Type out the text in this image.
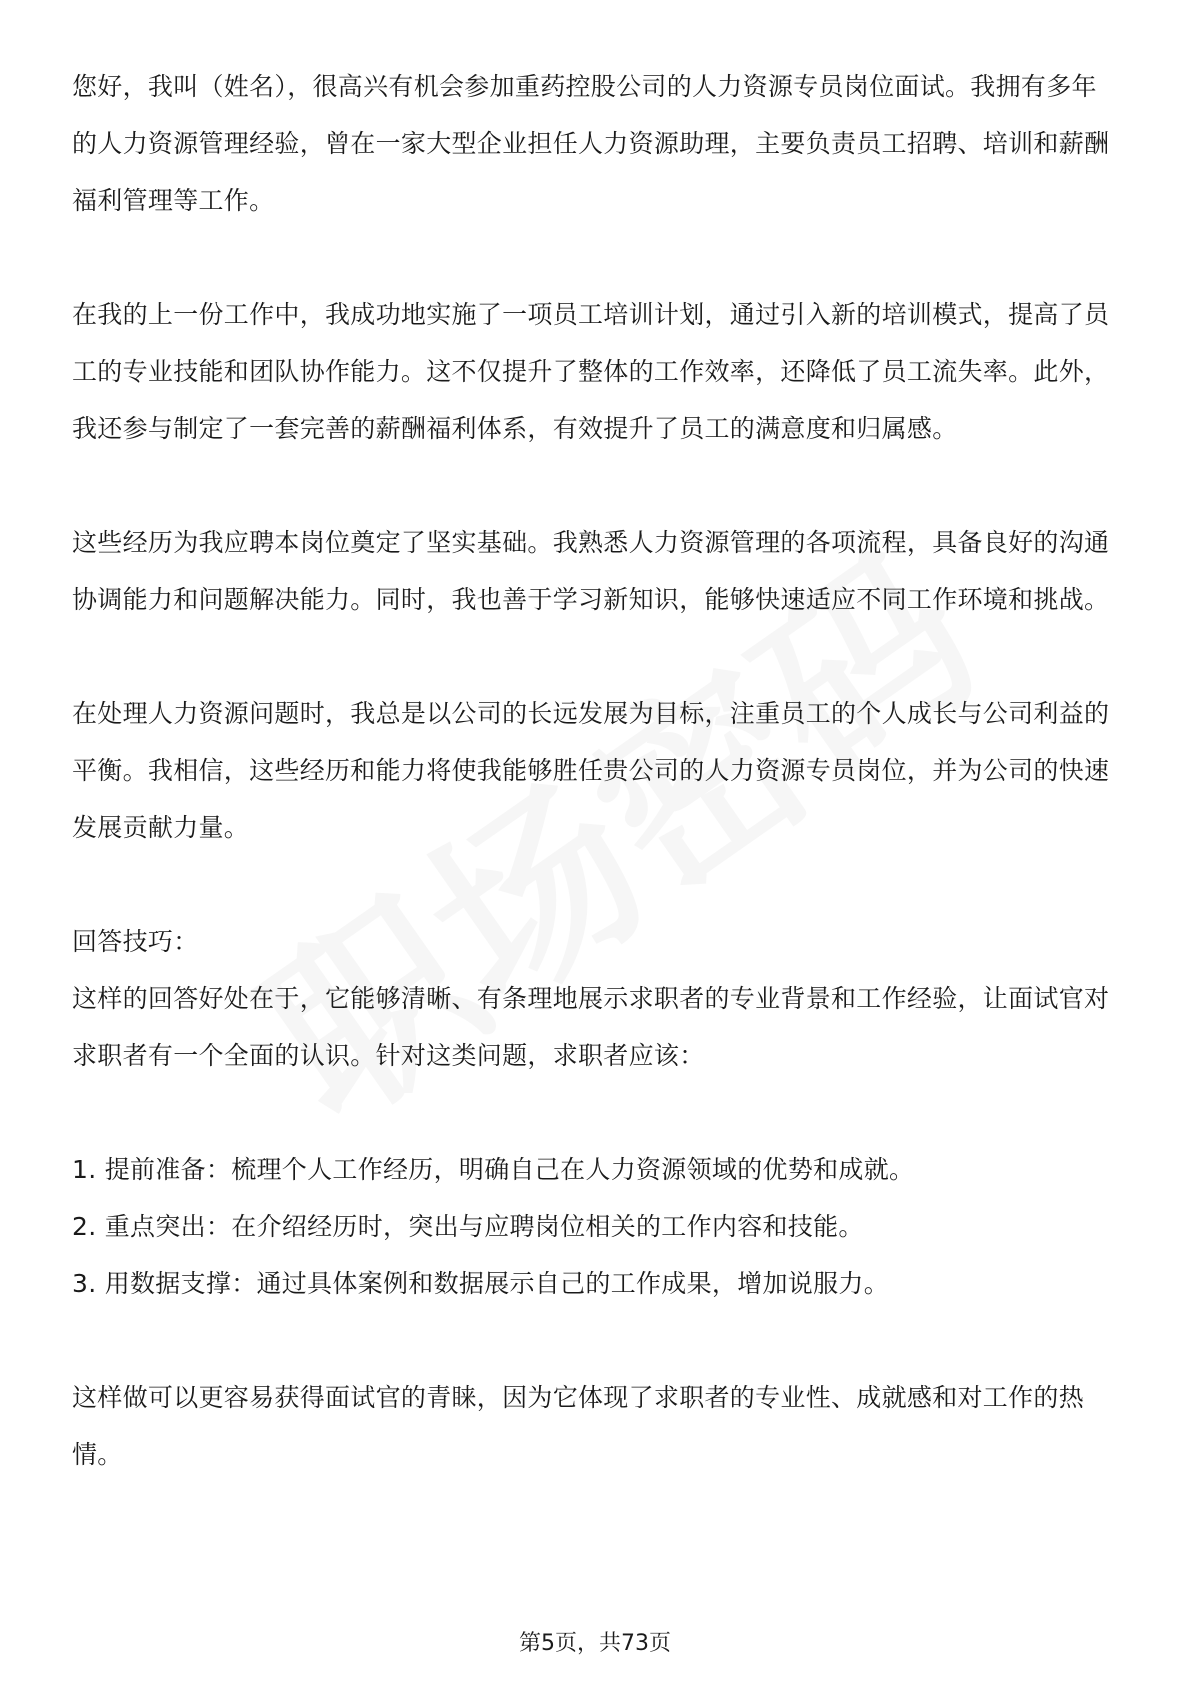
您好，我叫（姓名），很高兴有机会参加重药控股公司的人力资源专员岗位面试。我拥有多年的人力资源管理经验，曾在一家大型企业担任人力资源助理，主要负责员工招聘、培训和薪酬福利管理等工作。

在我的上一份工作中，我成功地实施了一项员工培训计划，通过引入新的培训模式，提高了员工的专业技能和团队协作能力。这不仅提升了整体的工作效率，还降低了员工流失率。此外，我还参与制定了一套完善的薪酬福利体系，有效提升了员工的满意度和归属感。

这些经历为我应聘本岗位奠定了坚实基础。我熟悉人力资源管理的各项流程，具备良好的沟通协调能力和问题解决能力。同时，我也善于学习新知识，能够快速适应不同工作环境和挑战。

在处理人力资源问题时，我总是以公司的长远发展为目标，注重员工的个人成长与公司利益的平衡。我相信，这些经历和能力将使我能够胜任贵公司的人力资源专员岗位，并为公司的快速发展贡献力量。

回答技巧：

这样的回答好处在于，它能够清晰、有条理地展示求职者的专业背景和工作经验，让面试官对求职者有一个全面的认识。针对这类问题，求职者应该：

1. 提前准备：梳理个人工作经历，明确自己在人力资源领域的优势和成就。
2. 重点突出：在介绍经历时，突出与应聘岗位相关的工作内容和技能。
3. 用数据支撑：通过具体案例和数据展示自己的工作成果，增加说服力。

这样做可以更容易获得面试官的青睐，因为它体现了求职者的专业性、成就感和对工作的热情。

第5页，共73页
